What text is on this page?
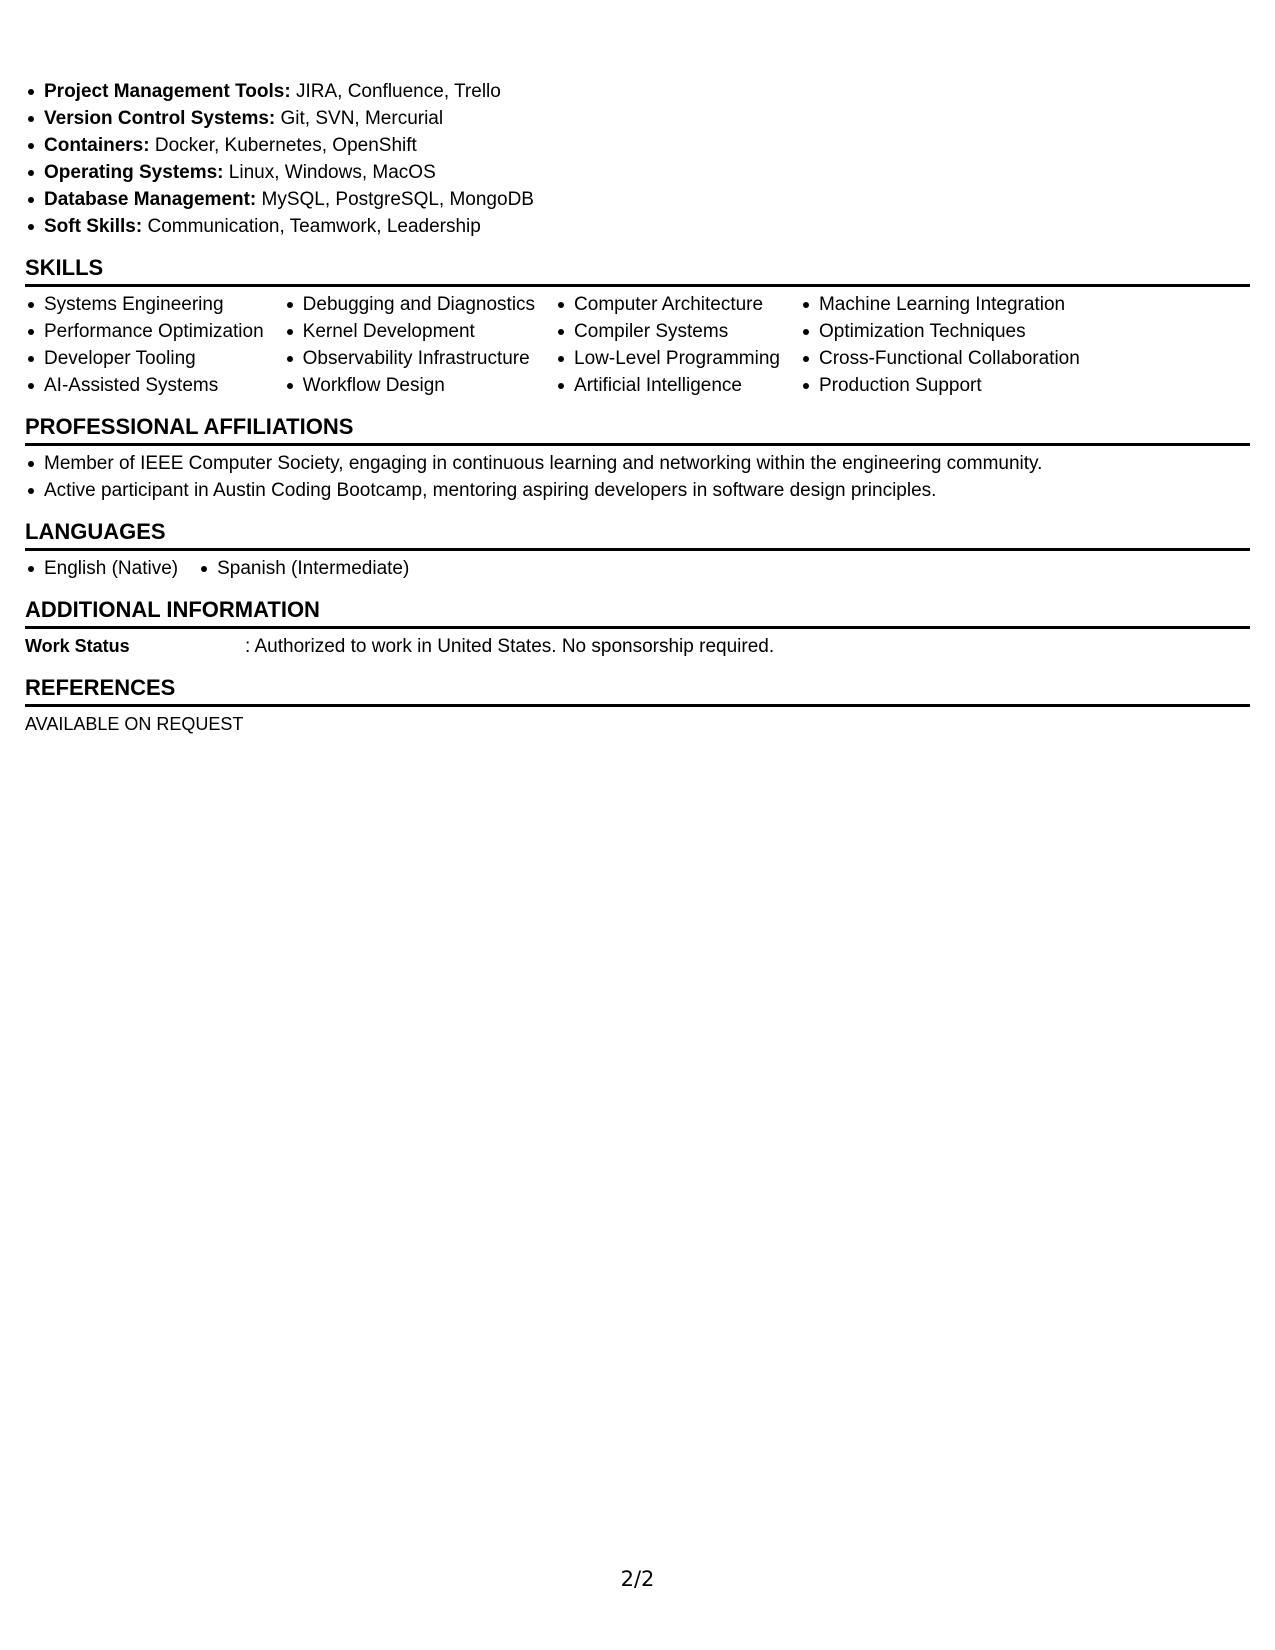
Project Management Tools: JIRA, Confluence, Trello
Version Control Systems: Git, SVN, Mercurial
Containers: Docker, Kubernetes, OpenShift
Operating Systems: Linux, Windows, MacOS
Database Management: MySQL, PostgreSQL, MongoDB
Soft Skills: Communication, Teamwork, Leadership
SKILLS
Systems Engineering
Performance Optimization
Developer Tooling
AI-Assisted Systems
Debugging and Diagnostics
Kernel Development
Observability Infrastructure
Workflow Design
Computer Architecture
Compiler Systems
Low-Level Programming
Artificial Intelligence
Machine Learning Integration
Optimization Techniques
Cross-Functional Collaboration
Production Support
PROFESSIONAL AFFILIATIONS
Member of IEEE Computer Society, engaging in continuous learning and networking within the engineering community.
Active participant in Austin Coding Bootcamp, mentoring aspiring developers in software design principles.
LANGUAGES
English (Native)	Spanish (Intermediate)
ADDITIONAL INFORMATION
Work Status	: Authorized to work in United States. No sponsorship required.
REFERENCES
AVAILABLE ON REQUEST
2/2
